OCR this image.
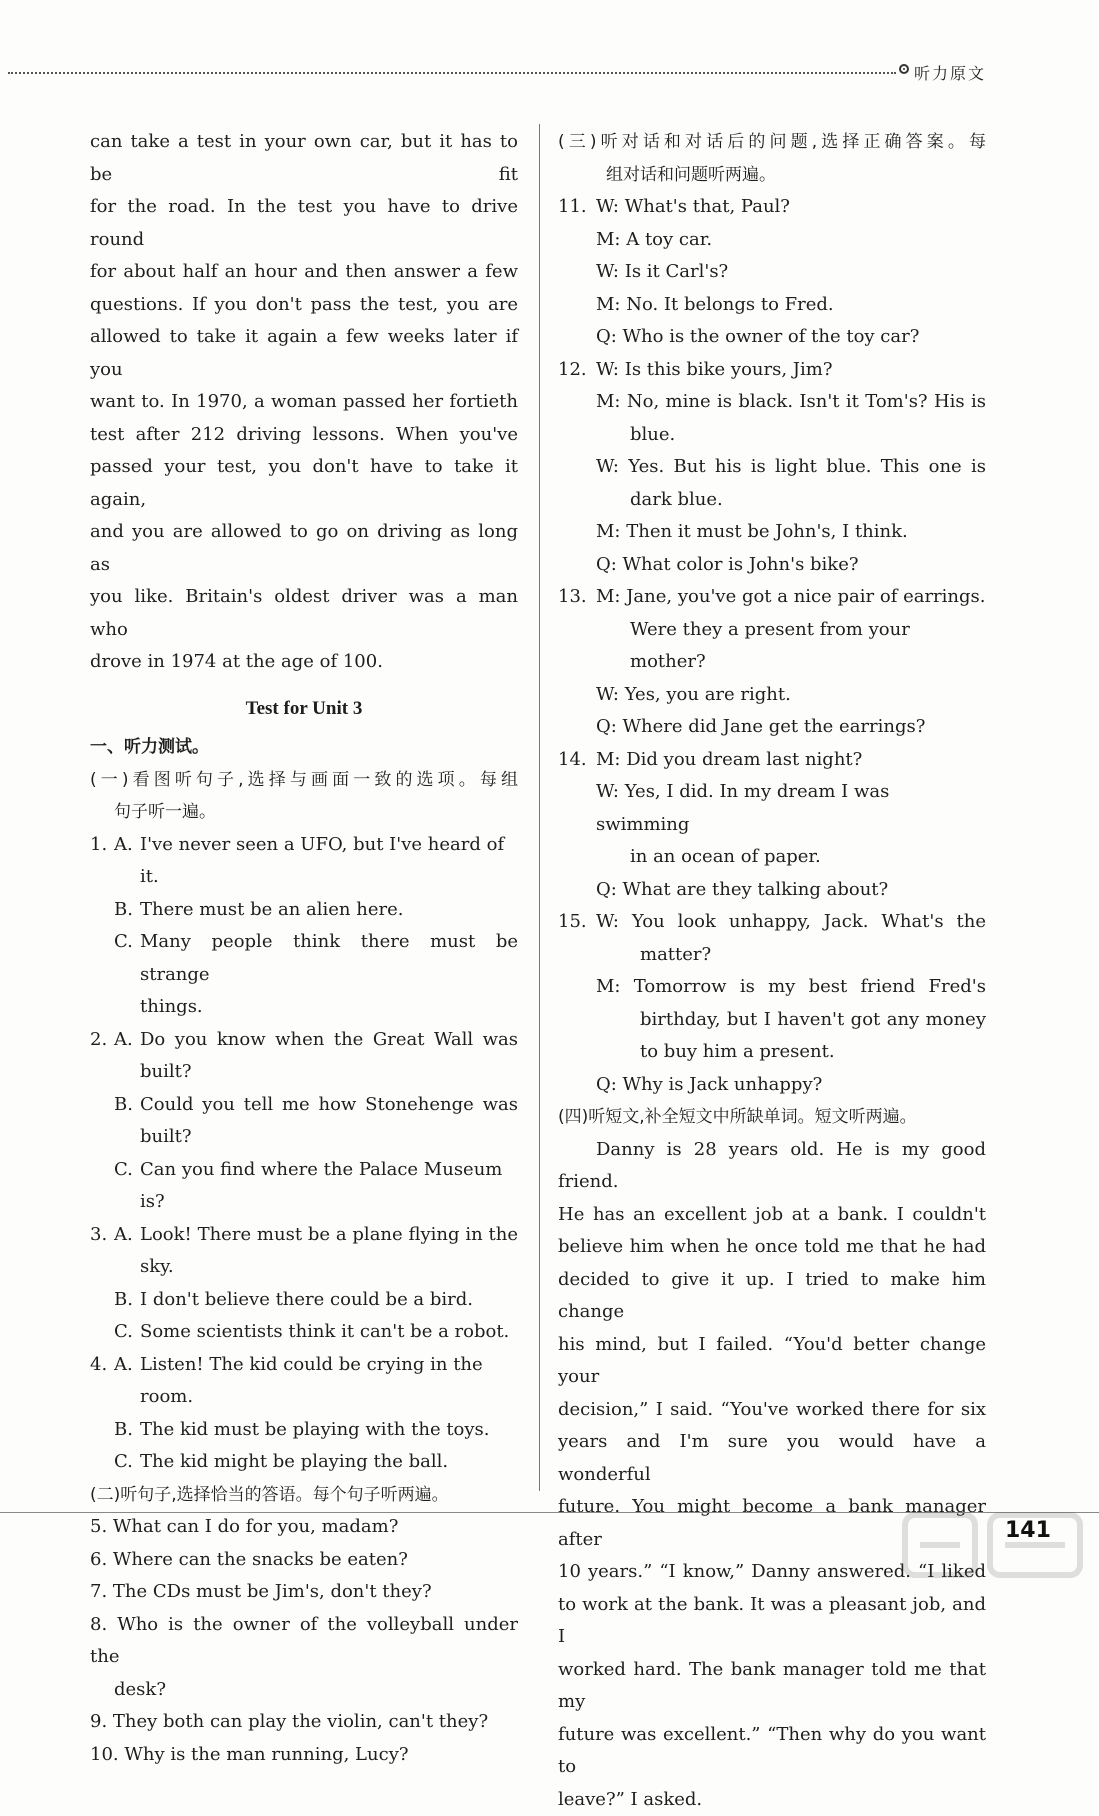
听力原文

can take a test in your own car, but it has to be fit

for the road. In the test you have to drive round

for about half an hour and then answer a few

questions. If you don't pass the test, you are

allowed to take it again a few weeks later if you

want to. In 1970, a woman passed her fortieth

test after 212 driving lessons. When you've

passed your test, you don't have to take it again,

and you are allowed to go on driving as long as

you like. Britain's oldest driver was a man who

drove in 1974 at the age of 100.

Test for Unit 3
一、听力测试。

(一)看图听句子,选择与画面一致的选项。每组

句子听一遍。

1. A. I've never seen a UFO, but I've heard of it.
B. There must be an alien here.
C. Many people think there must be strange
things.
2. A. Do you know when the Great Wall was
built?
B. Could you tell me how Stonehenge was
built?
C. Can you find where the Palace Museum is?
3. A. Look! There must be a plane flying in the
sky.
B. I don't believe there could be a bird.
C. Some scientists think it can't be a robot.
4. A. Listen! The kid could be crying in the room.
B. The kid must be playing with the toys.
C. The kid might be playing the ball.

(二)听句子,选择恰当的答语。每个句子听两遍。

5. What can I do for you, madam?

6. Where can the snacks be eaten?

7. The CDs must be Jim's, don't they?

8. Who is the owner of the volleyball under the

desk?

9. They both can play the violin, can't they?

10. Why is the man running, Lucy?

(三)听对话和对话后的问题,选择正确答案。每

组对话和问题听两遍。

11. W: What's that, Paul?
M: A toy car.
W: Is it Carl's?
M: No. It belongs to Fred.
Q: Who is the owner of the toy car?
12. W: Is this bike yours, Jim?
M: No, mine is black. Isn't it Tom's? His is
blue.
W: Yes. But his is light blue. This one is
dark blue.
M: Then it must be John's, I think.
Q: What color is John's bike?
13. M: Jane, you've got a nice pair of earrings.
Were they a present from your mother?
W: Yes, you are right.
Q: Where did Jane get the earrings?
14. M: Did you dream last night?
W: Yes, I did. In my dream I was swimming
in an ocean of paper.
Q: What are they talking about?
15. W: You look unhappy, Jack. What's the
matter?
M: Tomorrow is my best friend Fred's
birthday, but I haven't got any money
to buy him a present.
Q: Why is Jack unhappy?

(四)听短文,补全短文中所缺单词。短文听两遍。

Danny is 28 years old. He is my good friend.

He has an excellent job at a bank. I couldn't

believe him when he once told me that he had

decided to give it up. I tried to make him change

his mind, but I failed. “You'd better change your

decision,” I said. “You've worked there for six

years and I'm sure you would have a wonderful

future. You might become a bank manager after

10 years.” “I know,” Danny answered. “I liked

to work at the bank. It was a pleasant job, and I

worked hard. The bank manager told me that my

future was excellent.” “Then why do you want to

leave?” I asked.

141
